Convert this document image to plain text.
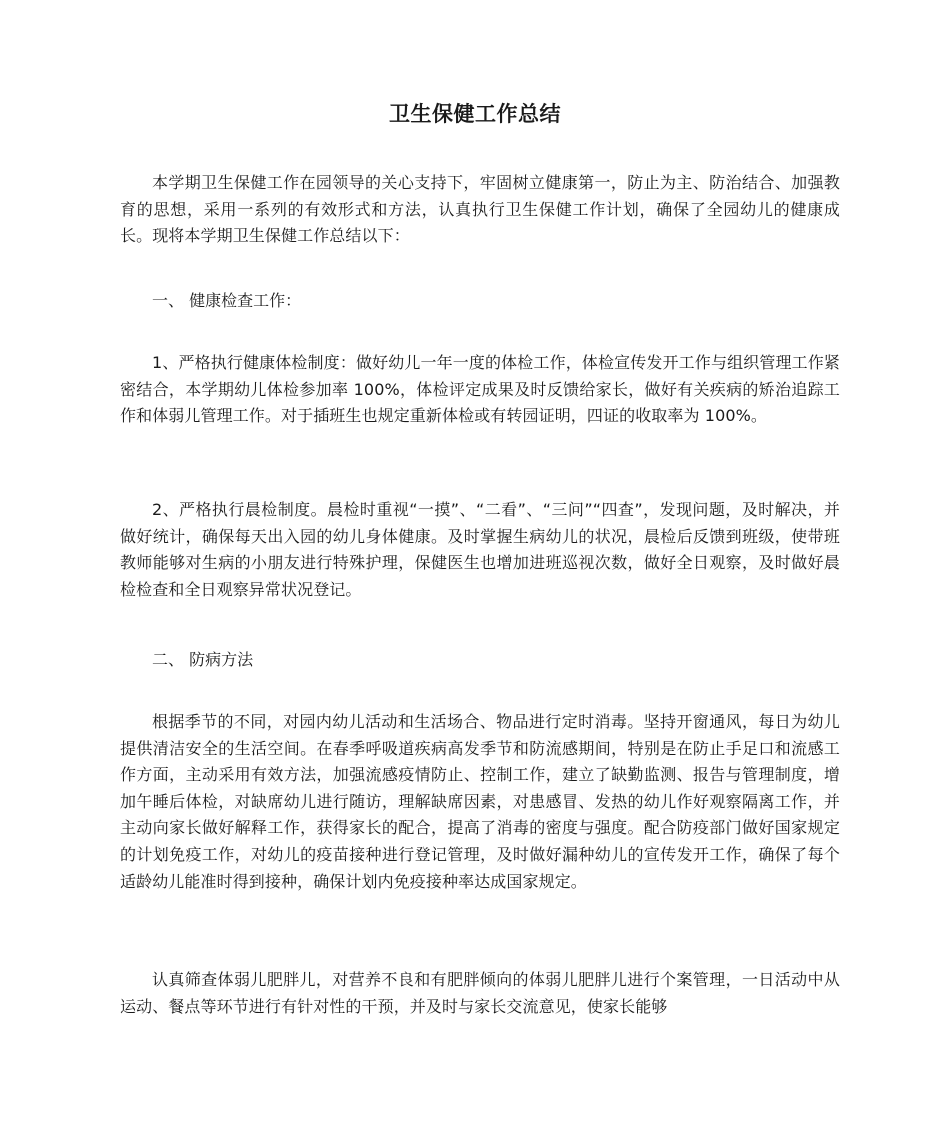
卫生保健工作总结

本学期卫生保健工作在园领导的关心支持下，牢固树立健康第一，防止为主、防治结合、加强教育的思想，采用一系列的有效形式和方法，认真执行卫生保健工作计划，确保了全园幼儿的健康成长。现将本学期卫生保健工作总结以下：

一、 健康检查工作：

1、严格执行健康体检制度：做好幼儿一年一度的体检工作，体检宣传发开工作与组织管理工作紧密结合，本学期幼儿体检参加率 100%，体检评定成果及时反馈给家长，做好有关疾病的矫治追踪工作和体弱儿管理工作。对于插班生也规定重新体检或有转园证明，四证的收取率为 100%。

2、严格执行晨检制度。晨检时重视“一摸”、“二看”、“三问”“四查”，发现问题，及时解决，并做好统计，确保每天出入园的幼儿身体健康。及时掌握生病幼儿的状况，晨检后反馈到班级，使带班教师能够对生病的小朋友进行特殊护理，保健医生也增加进班巡视次数，做好全日观察，及时做好晨检检查和全日观察异常状况登记。

二、 防病方法

根据季节的不同，对园内幼儿活动和生活场合、物品进行定时消毒。坚持开窗通风，每日为幼儿提供清洁安全的生活空间。在春季呼吸道疾病高发季节和防流感期间，特别是在防止手足口和流感工作方面，主动采用有效方法，加强流感疫情防止、控制工作，建立了缺勤监测、报告与管理制度，增加午睡后体检，对缺席幼儿进行随访，理解缺席因素，对患感冒、发热的幼儿作好观察隔离工作，并主动向家长做好解释工作，获得家长的配合，提高了消毒的密度与强度。配合防疫部门做好国家规定的计划免疫工作，对幼儿的疫苗接种进行登记管理，及时做好漏种幼儿的宣传发开工作，确保了每个适龄幼儿能准时得到接种，确保计划内免疫接种率达成国家规定。

认真筛查体弱儿肥胖儿，对营养不良和有肥胖倾向的体弱儿肥胖儿进行个案管理，一日活动中从运动、餐点等环节进行有针对性的干预，并及时与家长交流意见，使家长能够
